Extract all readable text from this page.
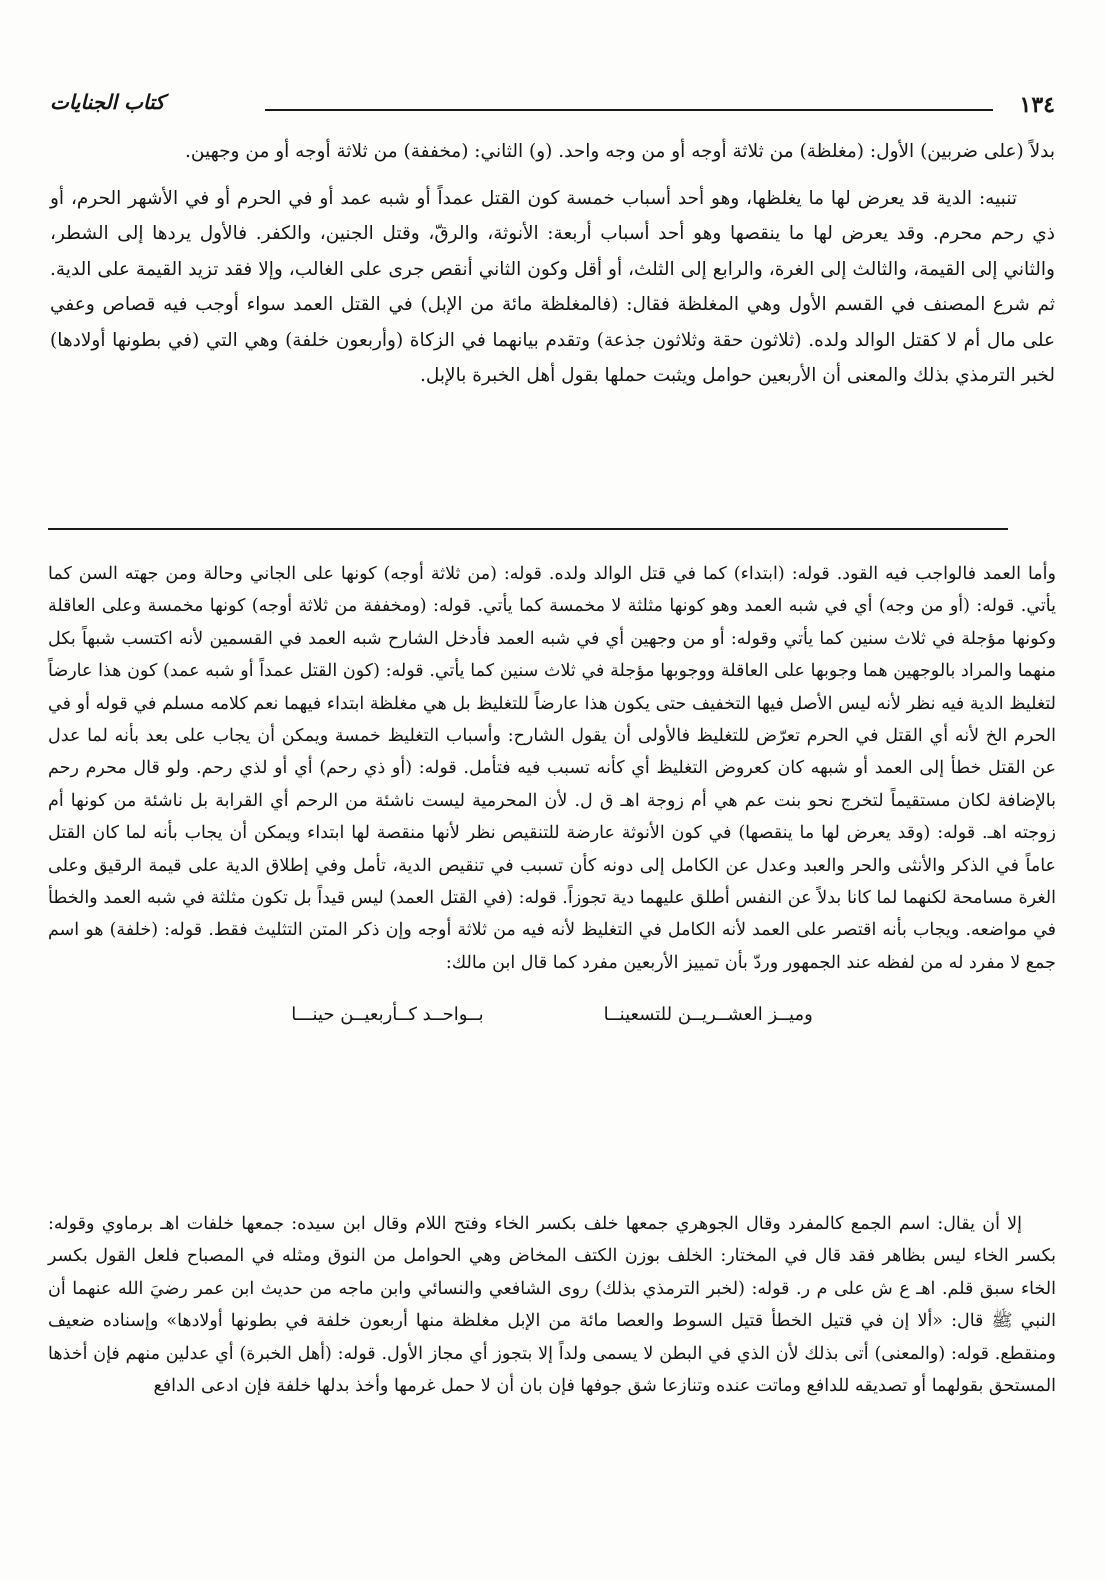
١٣٤
كتاب الجنايات

بدلاً (على ضربين) الأول: (مغلظة) من ثلاثة أوجه أو من وجه واحد. (و) الثاني: (مخففة) من ثلاثة أوجه أو من وجهين.

تنبيه: الدية قد يعرض لها ما يغلظها، وهو أحد أسباب خمسة كون القتل عمداً أو شبه عمد أو في الحرم أو في الأشهر الحرم، أو ذي رحم محرم. وقد يعرض لها ما ينقصها وهو أحد أسباب أربعة: الأنوثة، والرقّ، وقتل الجنين، والكفر. فالأول يردها إلى الشطر، والثاني إلى القيمة، والثالث إلى الغرة، والرابع إلى الثلث، أو أقل وكون الثاني أنقص جرى على الغالب، وإلا فقد تزيد القيمة على الدية. ثم شرع المصنف في القسم الأول وهي المغلظة فقال: (فالمغلظة مائة من الإبل) في القتل العمد سواء أوجب فيه قصاص وعفي على مال أم لا كقتل الوالد ولده. (ثلاثون حقة وثلاثون جذعة) وتقدم بيانهما في الزكاة (وأربعون خلفة) وهي التي (في بطونها أولادها) لخبر الترمذي بذلك والمعنى أن الأربعين حوامل ويثبت حملها بقول أهل الخبرة بالإبل.

وأما العمد فالواجب فيه القود. قوله: (ابتداء) كما في قتل الوالد ولده. قوله: (من ثلاثة أوجه) كونها على الجاني وحالة ومن جهته السن كما يأتي. قوله: (أو من وجه) أي في شبه العمد وهو كونها مثلثة لا مخمسة كما يأتي. قوله: (ومخففة من ثلاثة أوجه) كونها مخمسة وعلى العاقلة وكونها مؤجلة في ثلاث سنين كما يأتي وقوله: أو من وجهين أي في شبه العمد فأدخل الشارح شبه العمد في القسمين لأنه اكتسب شبهاً بكل منهما والمراد بالوجهين هما وجوبها على العاقلة ووجوبها مؤجلة في ثلاث سنين كما يأتي. قوله: (كون القتل عمداً أو شبه عمد) كون هذا عارضاً لتغليظ الدية فيه نظر لأنه ليس الأصل فيها التخفيف حتى يكون هذا عارضاً للتغليظ بل هي مغلظة ابتداء فيهما نعم كلامه مسلم في قوله أو في الحرم الخ لأنه أي القتل في الحرم تعرّض للتغليظ فالأولى أن يقول الشارح: وأسباب التغليظ خمسة ويمكن أن يجاب على بعد بأنه لما عدل عن القتل خطأ إلى العمد أو شبهه كان كعروض التغليظ أي كأنه تسبب فيه فتأمل. قوله: (أو ذي رحم) أي أو لذي رحم. ولو قال محرم رحم بالإضافة لكان مستقيماً لتخرج نحو بنت عم هي أم زوجة اهـ ق ل. لأن المحرمية ليست ناشئة من الرحم أي القرابة بل ناشئة من كونها أم زوجته اهـ. قوله: (وقد يعرض لها ما ينقصها) في كون الأنوثة عارضة للتنقيص نظر لأنها منقصة لها ابتداء ويمكن أن يجاب بأنه لما كان القتل عاماً في الذكر والأنثى والحر والعبد وعدل عن الكامل إلى دونه كأن تسبب في تنقيص الدية، تأمل وفي إطلاق الدية على قيمة الرقيق وعلى الغرة مسامحة لكنهما لما كانا بدلاً عن النفس أطلق عليهما دية تجوزاً. قوله: (في القتل العمد) ليس قيداً بل تكون مثلثة في شبه العمد والخطأ في مواضعه. ويجاب بأنه اقتصر على العمد لأنه الكامل في التغليظ لأنه فيه من ثلاثة أوجه وإن ذكر المتن التثليث فقط. قوله: (خلفة) هو اسم جمع لا مفرد له من لفظه عند الجمهور وردّ بأن تمييز الأربعين مفرد كما قال ابن مالك:

وميــز العشــريــن للتسعينــا
بــواحــد كــأربعيــن حينـــا

إلا أن يقال: اسم الجمع كالمفرد وقال الجوهري جمعها خلف بكسر الخاء وفتح اللام وقال ابن سيده: جمعها خلفات اهـ برماوي وقوله: بكسر الخاء ليس بظاهر فقد قال في المختار: الخلف بوزن الكتف المخاض وهي الحوامل من النوق ومثله في المصباح فلعل القول بكسر الخاء سبق قلم. اهـ ع ش على م ر. قوله: (لخبر الترمذي بذلك) روى الشافعي والنسائي وابن ماجه من حديث ابن عمر رضيَ الله عنهما أن النبي ﷺ قال: «ألا إن في قتيل الخطأ قتيل السوط والعصا مائة من الإبل مغلظة منها أربعون خلفة في بطونها أولادها» وإسناده ضعيف ومنقطع. قوله: (والمعنى) أتى بذلك لأن الذي في البطن لا يسمى ولداً إلا بتجوز أي مجاز الأول. قوله: (أهل الخبرة) أي عدلين منهم فإن أخذها المستحق بقولهما أو تصديقه للدافع وماتت عنده وتنازعا شق جوفها فإن بان أن لا حمل غرمها وأخذ بدلها خلفة فإن ادعى الدافع
